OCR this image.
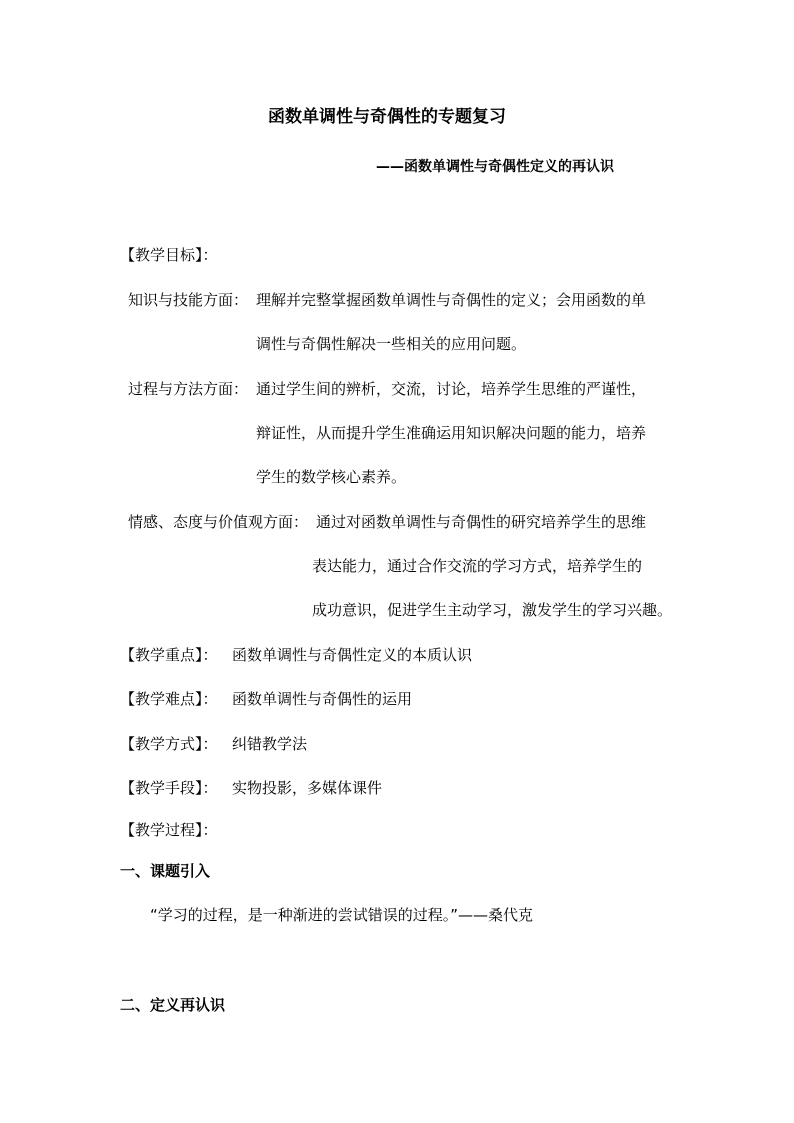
函数单调性与奇偶性的专题复习
——函数单调性与奇偶性定义的再认识
【教学目标】：
知识与技能方面： 理解并完整掌握函数单调性与奇偶性的定义；会用函数的单
调性与奇偶性解决一些相关的应用问题。
过程与方法方面： 通过学生间的辨析，交流，讨论，培养学生思维的严谨性，
辩证性，从而提升学生准确运用知识解决问题的能力，培养
学生的数学核心素养。
情感、态度与价值观方面： 通过对函数单调性与奇偶性的研究培养学生的思维
表达能力，通过合作交流的学习方式，培养学生的
成功意识，促进学生主动学习，激发学生的学习兴趣。
【教学重点】： 函数单调性与奇偶性定义的本质认识
【教学难点】： 函数单调性与奇偶性的运用
【教学方式】： 纠错教学法
【教学手段】： 实物投影，多媒体课件
【教学过程】：
一、课题引入
“学习的过程，是一种渐进的尝试错误的过程。”——桑代克
二、定义再认识
